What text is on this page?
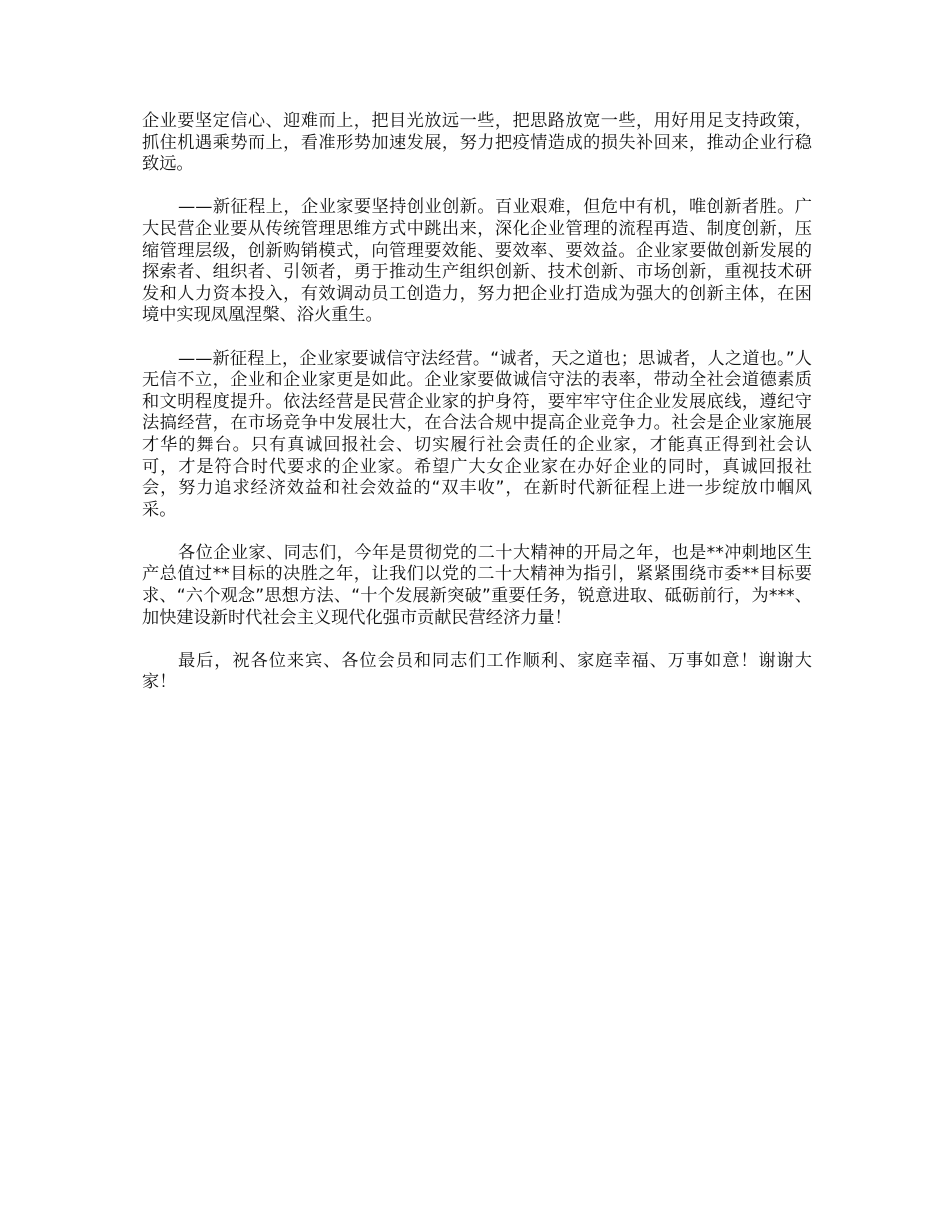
企业要坚定信心、迎难而上，把目光放远一些，把思路放宽一些，用好用足支持政策，抓住机遇乘势而上，看准形势加速发展，努力把疫情造成的损失补回来，推动企业行稳致远。

——新征程上，企业家要坚持创业创新。百业艰难，但危中有机，唯创新者胜。广大民营企业要从传统管理思维方式中跳出来，深化企业管理的流程再造、制度创新，压缩管理层级，创新购销模式，向管理要效能、要效率、要效益。企业家要做创新发展的探索者、组织者、引领者，勇于推动生产组织创新、技术创新、市场创新，重视技术研发和人力资本投入，有效调动员工创造力，努力把企业打造成为强大的创新主体，在困境中实现凤凰涅槃、浴火重生。

——新征程上，企业家要诚信守法经营。“诚者，天之道也；思诚者，人之道也。”人无信不立，企业和企业家更是如此。企业家要做诚信守法的表率，带动全社会道德素质和文明程度提升。依法经营是民营企业家的护身符，要牢牢守住企业发展底线，遵纪守法搞经营，在市场竞争中发展壮大，在合法合规中提高企业竞争力。社会是企业家施展才华的舞台。只有真诚回报社会、切实履行社会责任的企业家，才能真正得到社会认可，才是符合时代要求的企业家。希望广大女企业家在办好企业的同时，真诚回报社会，努力追求经济效益和社会效益的“双丰收”，在新时代新征程上进一步绽放巾帼风采。

各位企业家、同志们，今年是贯彻党的二十大精神的开局之年，也是**冲刺地区生产总值过**目标的决胜之年，让我们以党的二十大精神为指引，紧紧围绕市委**目标要求、“六个观念”思想方法、“十个发展新突破”重要任务，锐意进取、砥砺前行，为***、加快建设新时代社会主义现代化强市贡献民营经济力量！

最后，祝各位来宾、各位会员和同志们工作顺利、家庭幸福、万事如意！谢谢大家！
